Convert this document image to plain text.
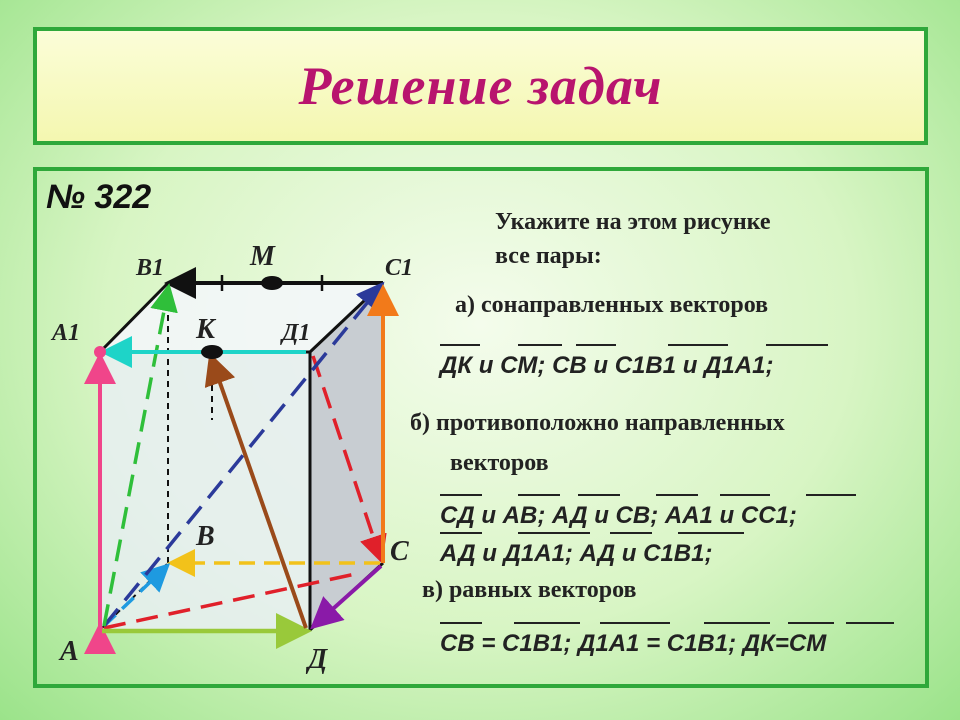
Решение задач
№ 322
А	Д
В	С
А1
В1	С1
Д1
К
М
Укажите на этом рисунке
все пары:
а) сонаправленных векторов
ДК и СМ; СВ и С1В1 и Д1А1;
б) противоположно направленных
векторов
СД и АВ; АД и СВ; АА1 и СС1;
АД и Д1А1; АД и С1В1;
в) равных векторов
СВ = С1В1; Д1А1 = С1В1; ДК=СМ
